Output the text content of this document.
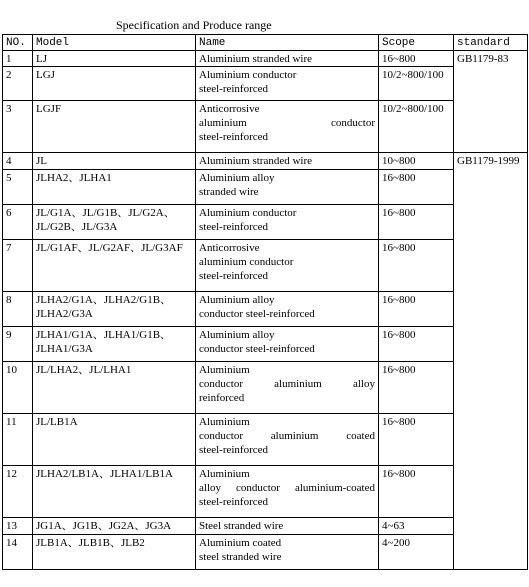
Specification and Produce range
NO.	Model	Name	Scope	standard
1	LJ	Aluminium stranded wire	16~800	GB1179-83
2	LGJ	Aluminium conductor
steel-reinforced	10/2~800/100	
3	LGJF	Anticorrosive
aluminium conductor
steel-reinforced	10/2~800/100	
4	JL	Aluminium stranded wire	10~800	GB1179-1999
5	JLHA2、JLHA1	Aluminium alloy
stranded wire	16~800	
6	JL/G1A、JL/G1B、JL/G2A、
JL/G2B、JL/G3A	Aluminium conductor
steel-reinforced	16~800	
7	JL/G1AF、JL/G2AF、JL/G3AF	Anticorrosive
aluminium conductor
steel-reinforced	16~800	
8	JLHA2/G1A、JLHA2/G1B、
JLHA2/G3A	Aluminium alloy
conductor steel-reinforced	16~800	
9	JLHA1/G1A、JLHA1/G1B、
JLHA1/G3A	Aluminium alloy
conductor steel-reinforced	16~800	
10	JL/LHA2、JL/LHA1	Aluminium
conductor aluminium alloy
reinforced	16~800	
11	JL/LB1A	Aluminium
conductor aluminium coated
steel-reinforced	16~800	
12	JLHA2/LB1A、JLHA1/LB1A	Aluminium
alloy conductor aluminium-coated
steel-reinforced	16~800	
13	JG1A、JG1B、JG2A、JG3A	Steel stranded wire	4~63	
14	JLB1A、JLB1B、JLB2	Aluminium coated
steel stranded wire	4~200	
